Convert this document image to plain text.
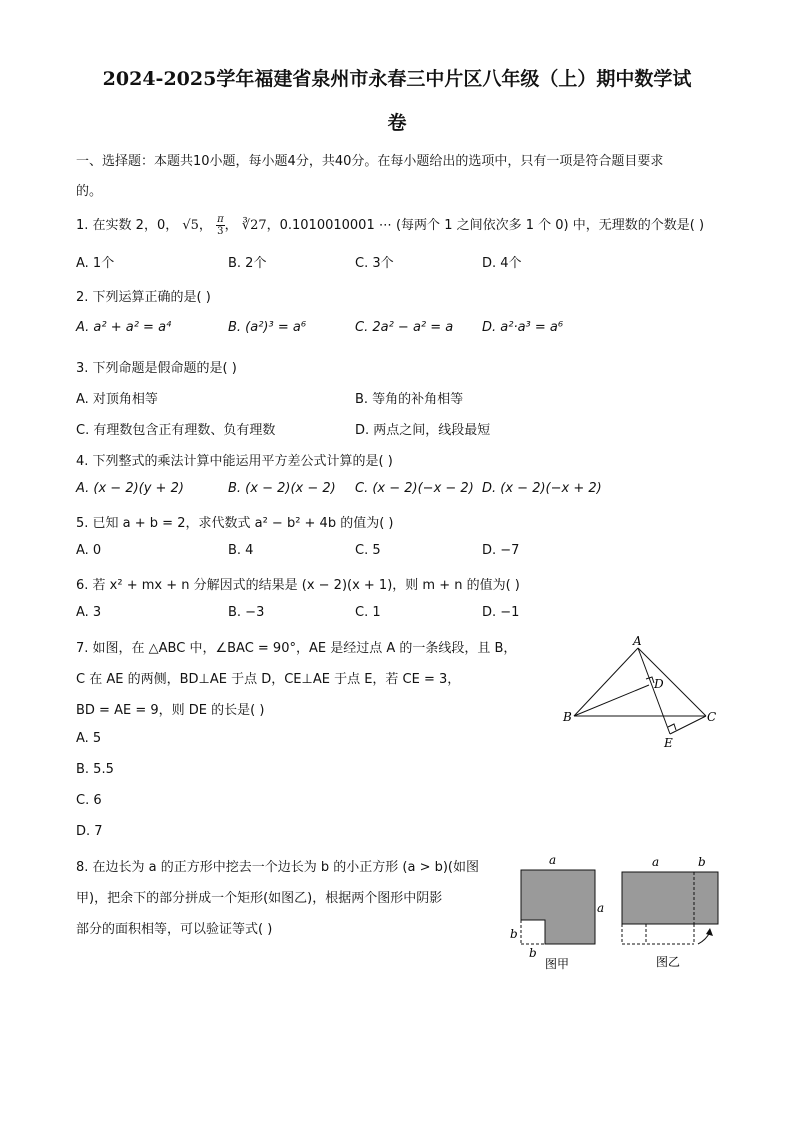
2024-2025学年福建省泉州市永春三中片区八年级（上）期中数学试
卷
一、选择题：本题共10小题，每小题4分，共40分。在每小题给出的选项中，只有一项是符合题目要求
的。
1. 在实数 2，0， √5， $\frac{\pi}{3}$ ， ∛27，0.1010010001 ⋯ (每两个 1 之间依次多 1 个 0) 中，无理数的个数是( )
A. 1个	B. 2个	C. 3个	D. 4个
2. 下列运算正确的是( )
A. a² + a² = a⁴	B. (a²)³ = a⁶	C. 2a² − a² = a D. a²·a³ = a⁶
3. 下列命题是假命题的是( )
A. 对顶角相等	B. 等角的补角相等
C. 有理数包含正有理数、负有理数	D. 两点之间，线段最短
4. 下列整式的乘法计算中能运用平方差公式计算的是( )
A. (x − 2)(y + 2)	B. (x − 2)(x − 2) C. (x − 2)(−x − 2) D. (x − 2)(−x + 2)
5. 已知 a + b = 2，求代数式 a² − b² + 4b 的值为( )
A. 0	B. 4	C. 5	D. −7
6. 若 x² + mx + n 分解因式的结果是 (x − 2)(x + 1)，则 m + n 的值为( )
A. 3	B. −3	C. 1	D. −1
7. 如图，在 △ABC 中，∠BAC = 90°，AE 是经过点 A 的一条线段，且 B，
C 在 AE 的两侧，BD⊥AE 于点 D，CE⊥AE 于点 E，若 CE = 3，
BD = AE = 9，则 DE 的长是( )
A. 5
B. 5.5
C. 6
D. 7
A
B	C
D
E
8. 在边长为 a 的正方形中挖去一个边长为 b 的小正方形 (a > b)(如图
甲)，把余下的部分拼成一个矩形(如图乙)，根据两个图形中阴影
部分的面积相等，可以验证等式( )
a
a
b
b
图甲
a	b
图乙
